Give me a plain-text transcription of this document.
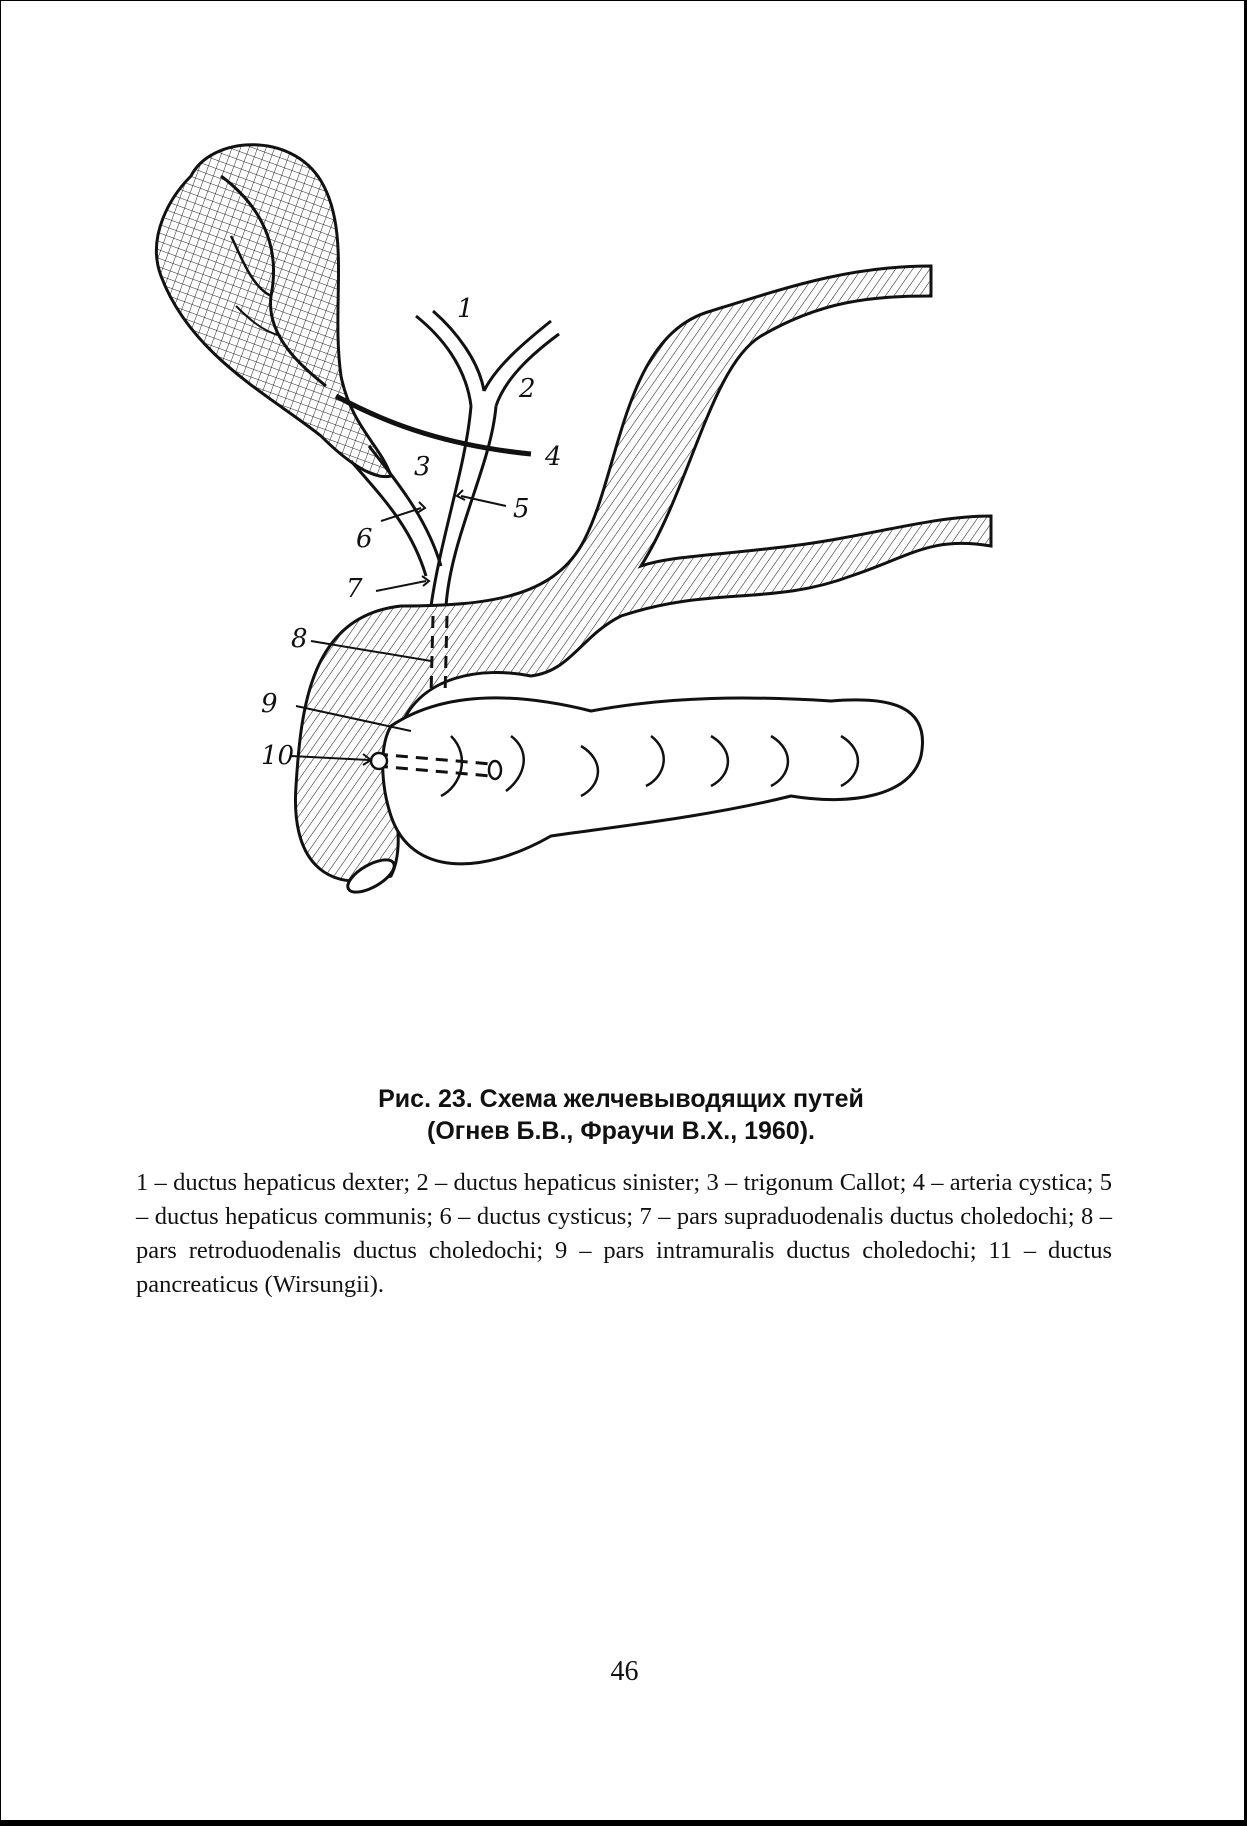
1
2
3	4
5
6
7
8
9
10
Рис. 23. Схема желчевыводящих путей
(Огнев Б.В., Фраучи В.Х., 1960).
1 – ductus hepaticus dexter; 2 – ductus hepaticus sinister; 3 – trigonum Callot; 4 – arteria cystica; 5 – ductus hepaticus communis; 6 – ductus cysticus; 7 – pars supraduodenalis ductus choledochi; 8 – pars retroduodenalis ductus choledochi; 9 – pars intramuralis ductus choledochi; 11 – ductus pancreaticus (Wirsungii).
46
